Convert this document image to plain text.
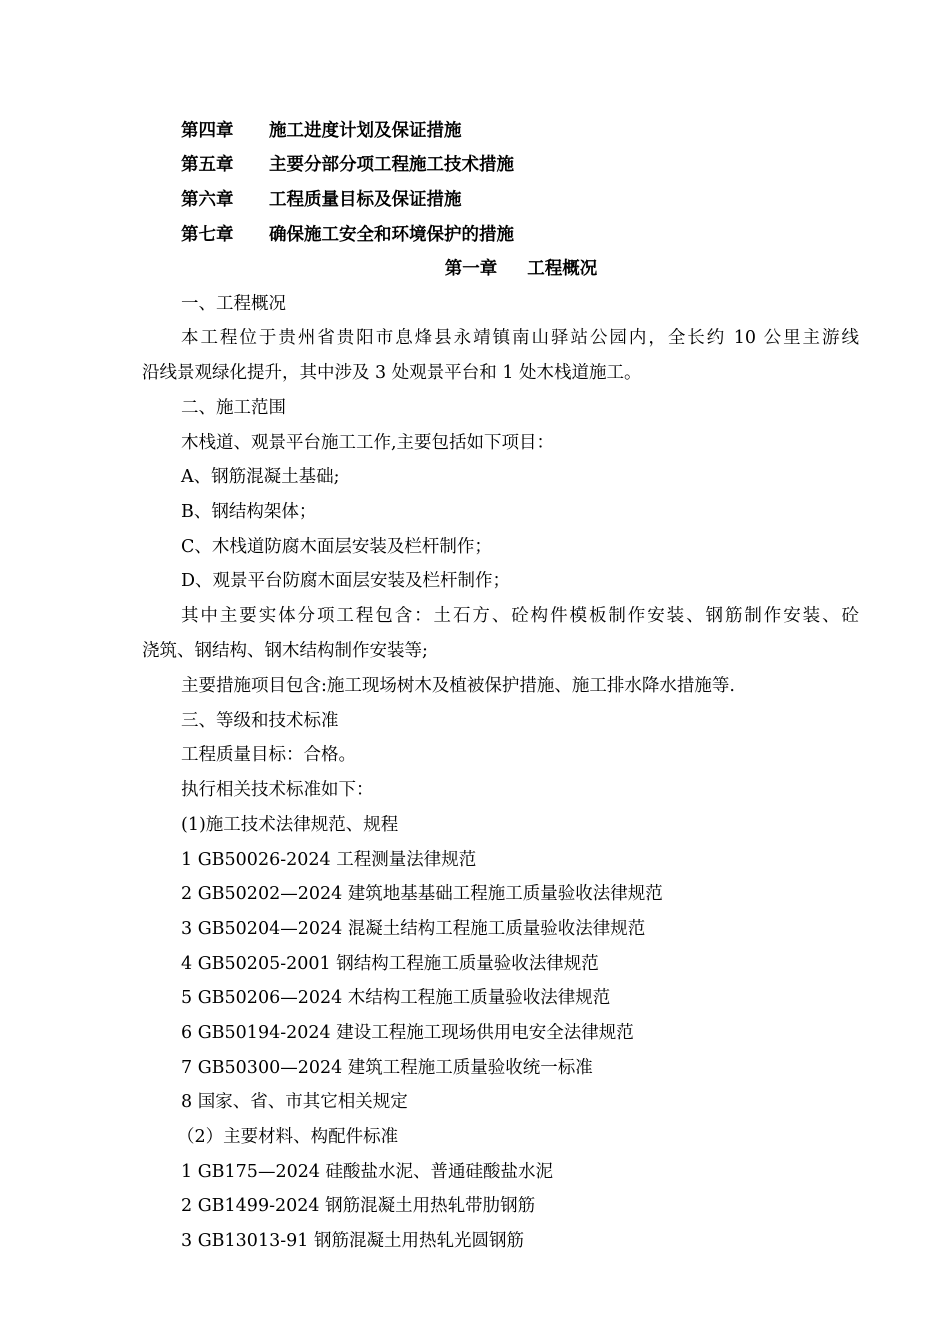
第四章 施工进度计划及保证措施
第五章 主要分部分项工程施工技术措施
第六章 工程质量目标及保证措施
第七章 确保施工安全和环境保护的措施
第一章 工程概况
一、工程概况
本工程位于贵州省贵阳市息烽县永靖镇南山驿站公园内，全长约 10 公里主游线
沿线景观绿化提升，其中涉及 3 处观景平台和 1 处木栈道施工。
二、施工范围
木栈道、观景平台施工工作,主要包括如下项目：
A、钢筋混凝土基础;
B、钢结构架体；
C、木栈道防腐木面层安装及栏杆制作；
D、观景平台防腐木面层安装及栏杆制作；
其中主要实体分项工程包含：土石方、砼构件模板制作安装、钢筋制作安装、砼
浇筑、钢结构、钢木结构制作安装等;
主要措施项目包含:施工现场树木及植被保护措施、施工排水降水措施等.
三、等级和技术标准
工程质量目标：合格。
执行相关技术标准如下：
(1)施工技术法律规范、规程
1 GB50026-2024 工程测量法律规范
2 GB50202—2024 建筑地基基础工程施工质量验收法律规范
3 GB50204—2024 混凝土结构工程施工质量验收法律规范
4 GB50205-2001 钢结构工程施工质量验收法律规范
5 GB50206—2024 木结构工程施工质量验收法律规范
6 GB50194-2024 建设工程施工现场供用电安全法律规范
7 GB50300—2024 建筑工程施工质量验收统一标准
8 国家、省、市其它相关规定
（2）主要材料、构配件标准
1 GB175—2024 硅酸盐水泥、普通硅酸盐水泥
2 GB1499-2024 钢筋混凝土用热轧带肋钢筋
3 GB13013-91 钢筋混凝土用热轧光圆钢筋
